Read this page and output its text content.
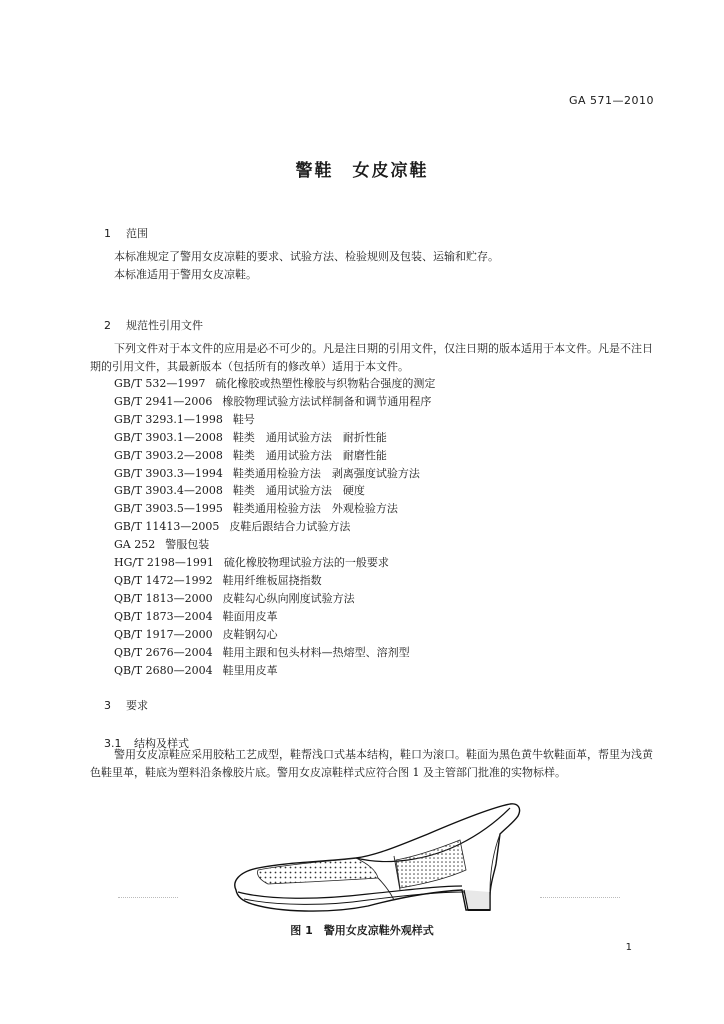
GA 571—2010
警鞋　女皮凉鞋

1 范围

本标准规定了警用女皮凉鞋的要求、试验方法、检验规则及包装、运输和贮存。
本标准适用于警用女皮凉鞋。

2 规范性引用文件

下列文件对于本文件的应用是必不可少的。凡是注日期的引用文件，仅注日期的版本适用于本文件。凡是不注日期的引用文件，其最新版本（包括所有的修改单）适用于本文件。
GB/T 532—1997 硫化橡胶或热塑性橡胶与织物粘合强度的测定
GB/T 2941—2006 橡胶物理试验方法试样制备和调节通用程序
GB/T 3293.1—1998 鞋号
GB/T 3903.1—2008 鞋类　通用试验方法　耐折性能
GB/T 3903.2—2008 鞋类　通用试验方法　耐磨性能
GB/T 3903.3—1994 鞋类通用检验方法　剥离强度试验方法
GB/T 3903.4—2008 鞋类　通用试验方法　硬度
GB/T 3903.5—1995 鞋类通用检验方法　外观检验方法
GB/T 11413—2005 皮鞋后跟结合力试验方法
GA 252 警服包装
HG/T 2198—1991 硫化橡胶物理试验方法的一般要求
QB/T 1472—1992 鞋用纤维板屈挠指数
QB/T 1813—2000 皮鞋勾心纵向刚度试验方法
QB/T 1873—2004 鞋面用皮革
QB/T 1917—2000 皮鞋钢勾心
QB/T 2676—2004 鞋用主跟和包头材料—热熔型、溶剂型
QB/T 2680—2004 鞋里用皮革

3 要求

3.1 结构及样式

警用女皮凉鞋应采用胶粘工艺成型，鞋帮浅口式基本结构，鞋口为滚口。鞋面为黑色黄牛软鞋面革，帮里为浅黄色鞋里革，鞋底为塑料沿条橡胶片底。警用女皮凉鞋样式应符合图 1 及主管部门批准的实物标样。
图 1　警用女皮凉鞋外观样式
1
